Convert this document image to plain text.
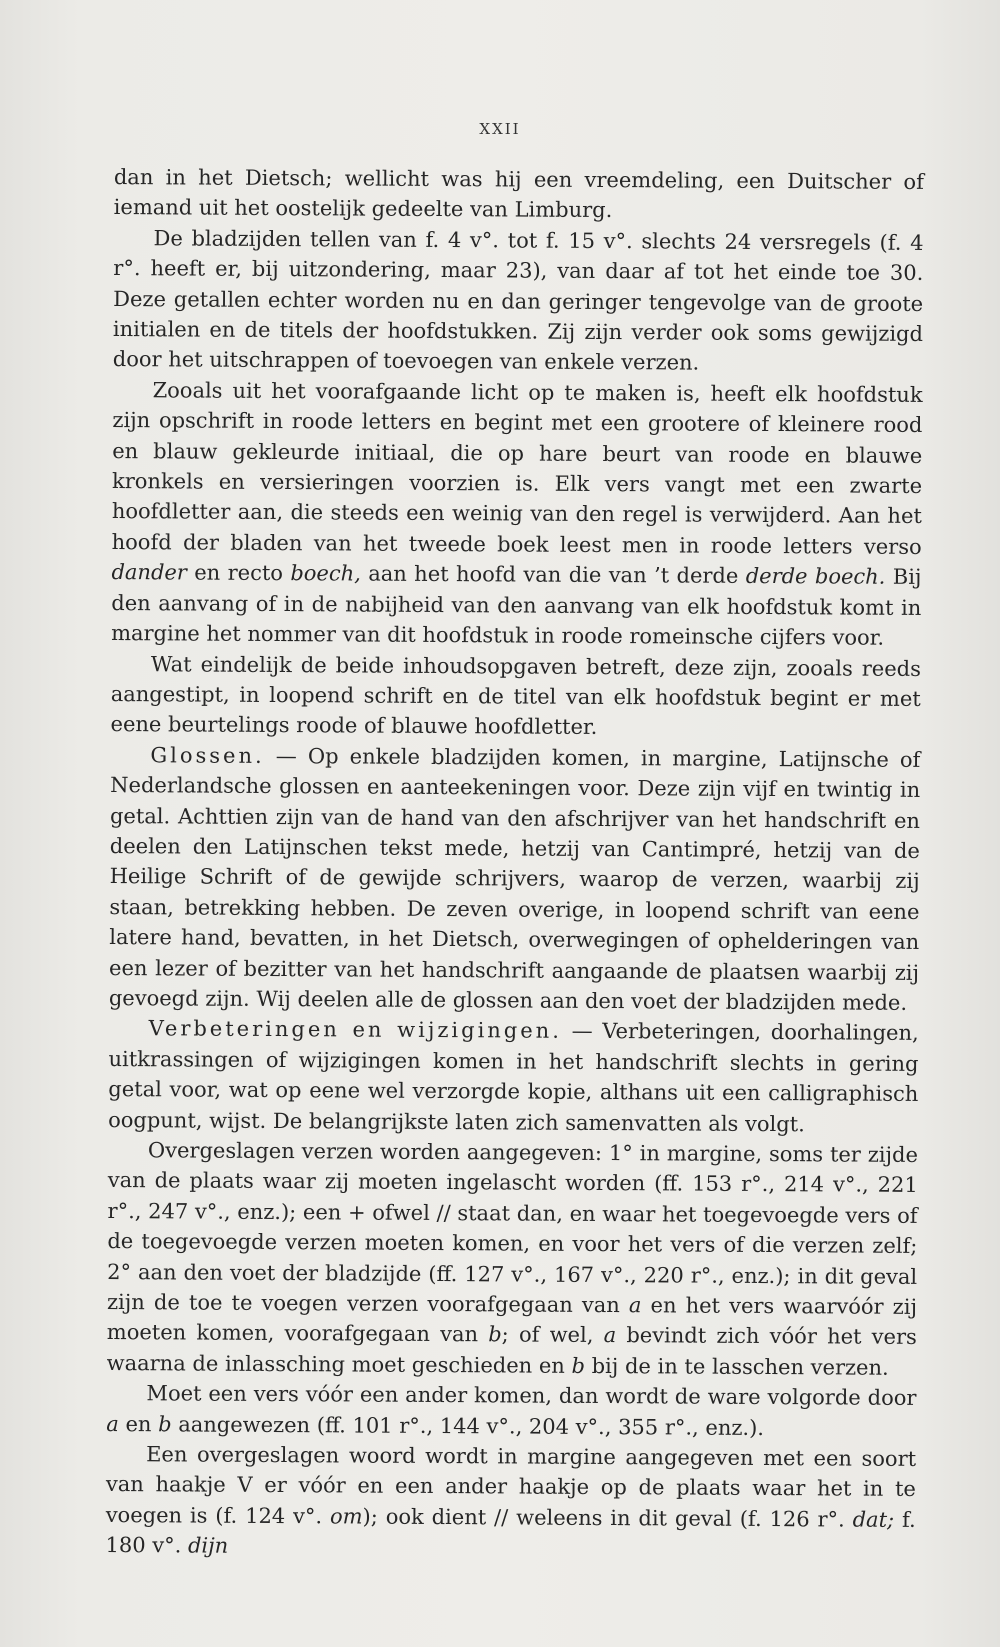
XXII

dan in het Dietsch; wellicht was hij een vreemdeling, een Duitscher of iemand uit het oostelijk gedeelte van Limburg.

De bladzijden tellen van f. 4 v°. tot f. 15 v°. slechts 24 versregels (f. 4 r°. heeft er, bij uitzondering, maar 23), van daar af tot het einde toe 30. Deze getallen echter worden nu en dan geringer tengevolge van de groote initialen en de titels der hoofdstukken. Zij zijn verder ook soms gewijzigd door het uitschrappen of toevoegen van enkele verzen.

Zooals uit het voorafgaande licht op te maken is, heeft elk hoofdstuk zijn opschrift in roode letters en begint met een grootere of kleinere rood en blauw gekleurde initiaal, die op hare beurt van roode en blauwe kronkels en versieringen voorzien is. Elk vers vangt met een zwarte hoofdletter aan, die steeds een weinig van den regel is verwijderd. Aan het hoofd der bladen van het tweede boek leest men in roode letters verso dander en recto boech, aan het hoofd van die van ’t derde derde boech. Bij den aanvang of in de nabijheid van den aanvang van elk hoofdstuk komt in margine het nommer van dit hoofdstuk in roode romeinsche cijfers voor.

Wat eindelijk de beide inhoudsopgaven betreft, deze zijn, zooals reeds aangestipt, in loopend schrift en de titel van elk hoofdstuk begint er met eene beurtelings roode of blauwe hoofdletter.

Glossen. — Op enkele bladzijden komen, in margine, Latijnsche of Nederlandsche glossen en aanteekeningen voor. Deze zijn vijf en twintig in getal. Achttien zijn van de hand van den afschrijver van het handschrift en deelen den Latijnschen tekst mede, hetzij van Cantimpré, hetzij van de Heilige Schrift of de gewijde schrijvers, waarop de verzen, waarbij zij staan, betrekking hebben. De zeven overige, in loopend schrift van eene latere hand, bevatten, in het Dietsch, overwegingen of ophelderingen van een lezer of bezitter van het handschrift aangaande de plaatsen waarbij zij gevoegd zijn. Wij deelen alle de glossen aan den voet der bladzijden mede.

Verbeteringen en wijzigingen. — Verbeteringen, doorhalingen, uitkrassingen of wijzigingen komen in het handschrift slechts in gering getal voor, wat op eene wel verzorgde kopie, althans uit een calligraphisch oogpunt, wijst. De belangrijkste laten zich samenvatten als volgt.

Overgeslagen verzen worden aangegeven: 1° in margine, soms ter zijde van de plaats waar zij moeten ingelascht worden (ff. 153 r°., 214 v°., 221 r°., 247 v°., enz.); een + ofwel // staat dan, en waar het toegevoegde vers of de toegevoegde verzen moeten komen, en voor het vers of die verzen zelf; 2° aan den voet der bladzijde (ff. 127 v°., 167 v°., 220 r°., enz.); in dit geval zijn de toe te voegen verzen voorafgegaan van a en het vers waarvóór zij moeten komen, voorafgegaan van b; of wel, a bevindt zich vóór het vers waarna de inlassching moet geschieden en b bij de in te lasschen verzen.

Moet een vers vóór een ander komen, dan wordt de ware volgorde door a en b aangewezen (ff. 101 r°., 144 v°., 204 v°., 355 r°., enz.).

Een overgeslagen woord wordt in margine aangegeven met een soort van haakje V er vóór en een ander haakje op de plaats waar het in te voegen is (f. 124 v°. om); ook dient // weleens in dit geval (f. 126 r°. dat; f. 180 v°. dijn
